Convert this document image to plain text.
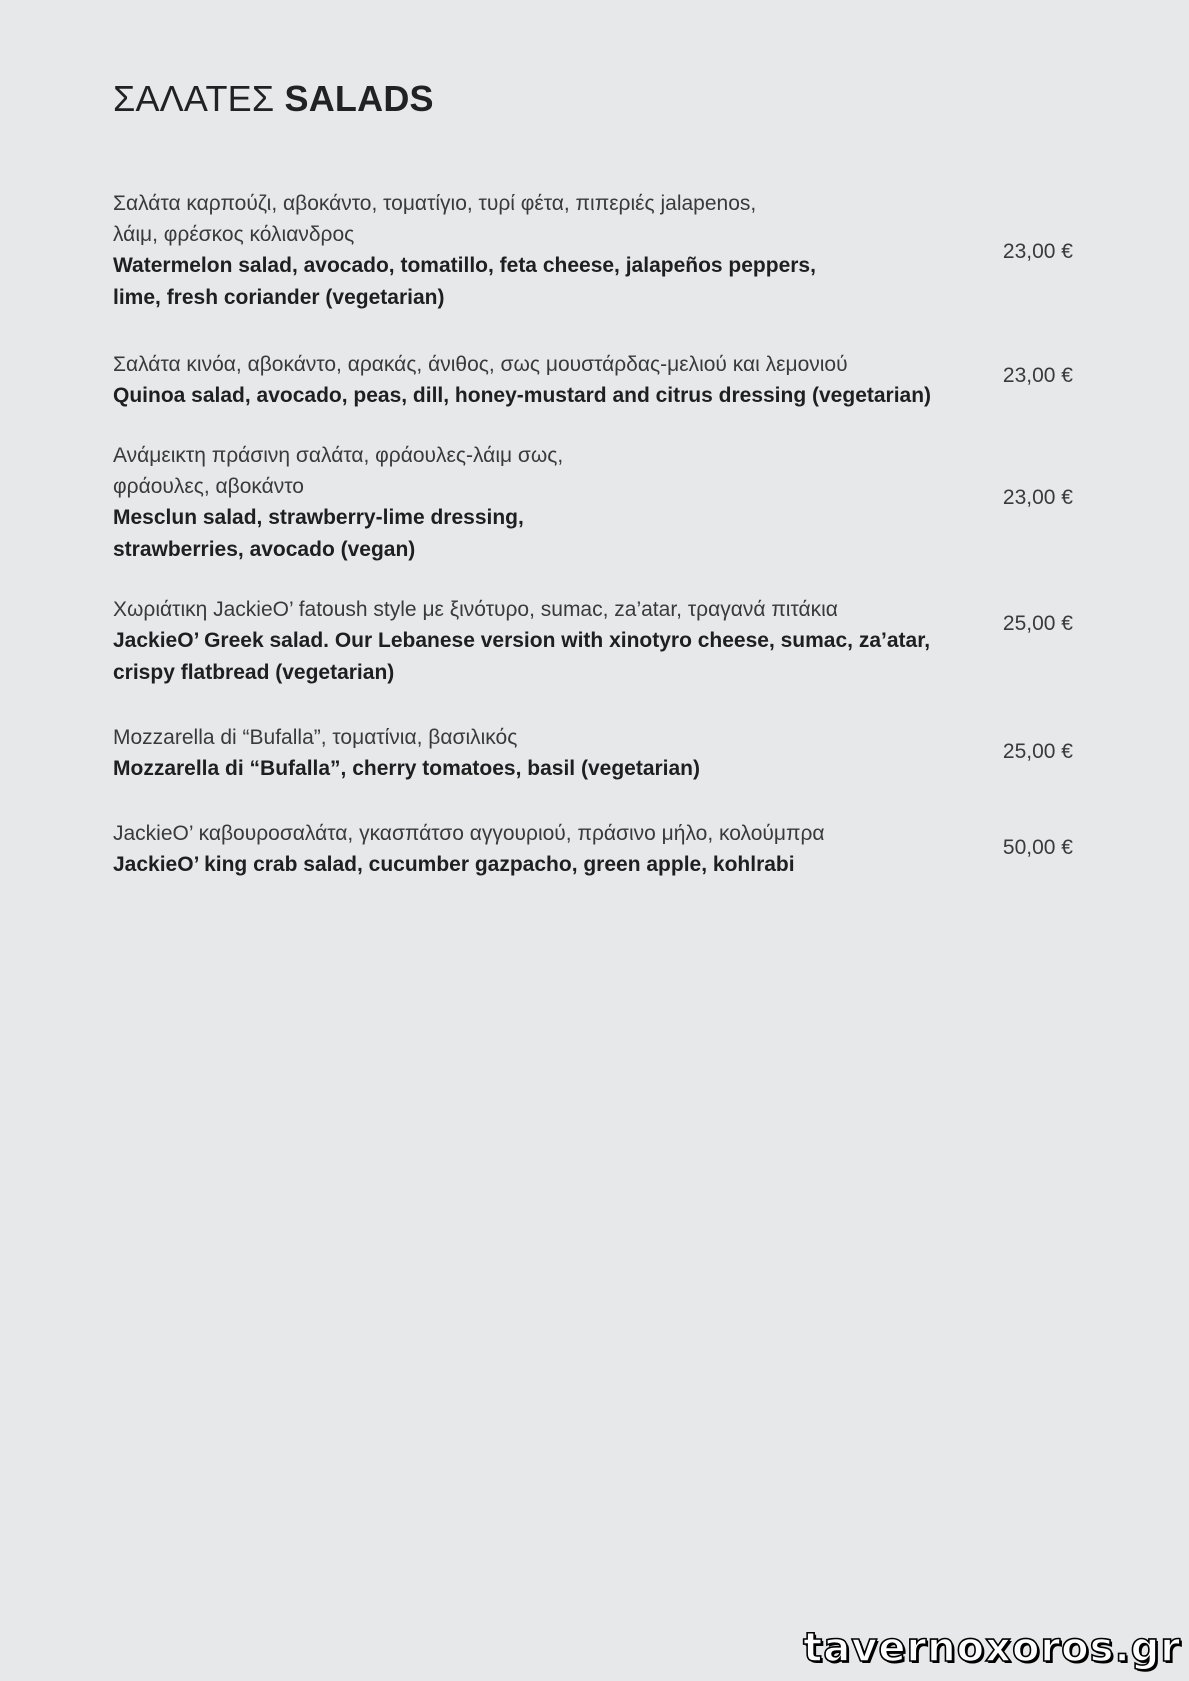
ΣΑΛΑΤΕΣ SALADS
Σαλάτα καρπούζι, αβοκάντο, τοματίγιο, τυρί φέτα, πιπεριές jalapenos,
λάιμ, φρέσκος κόλιανδρος
Watermelon salad, avocado, tomatillo, feta cheese, jalapeños peppers,
lime, fresh coriander (vegetarian)
23,00 €
Σαλάτα κινόα, αβοκάντο, αρακάς, άνιθος, σως μουστάρδας-μελιού και λεμονιού
Quinoa salad, avocado, peas, dill, honey-mustard and citrus dressing (vegetarian)
23,00 €
Ανάμεικτη πράσινη σαλάτα, φράουλες-λάιμ σως,
φράουλες, αβοκάντο
Mesclun salad, strawberry-lime dressing,
strawberries, avocado (vegan)
23,00 €
Χωριάτικη JackieO’ fatoush style με ξινότυρο, sumac, za’atar, τραγανά πιτάκια
JackieO’ Greek salad. Our Lebanese version with xinotyro cheese, sumac, za’atar,
crispy flatbread (vegetarian)
25,00 €
Mozzarella di “Bufalla”, τοματίνια, βασιλικός
Mozzarella di “Bufalla”, cherry tomatoes, basil (vegetarian)
25,00 €
JackieO’ καβουροσαλάτα, γκασπάτσο αγγουριού, πράσινο μήλο, κολούμπρα
JackieO’ king crab salad, cucumber gazpacho, green apple, kohlrabi
50,00 €
tavernoxoros.gr
